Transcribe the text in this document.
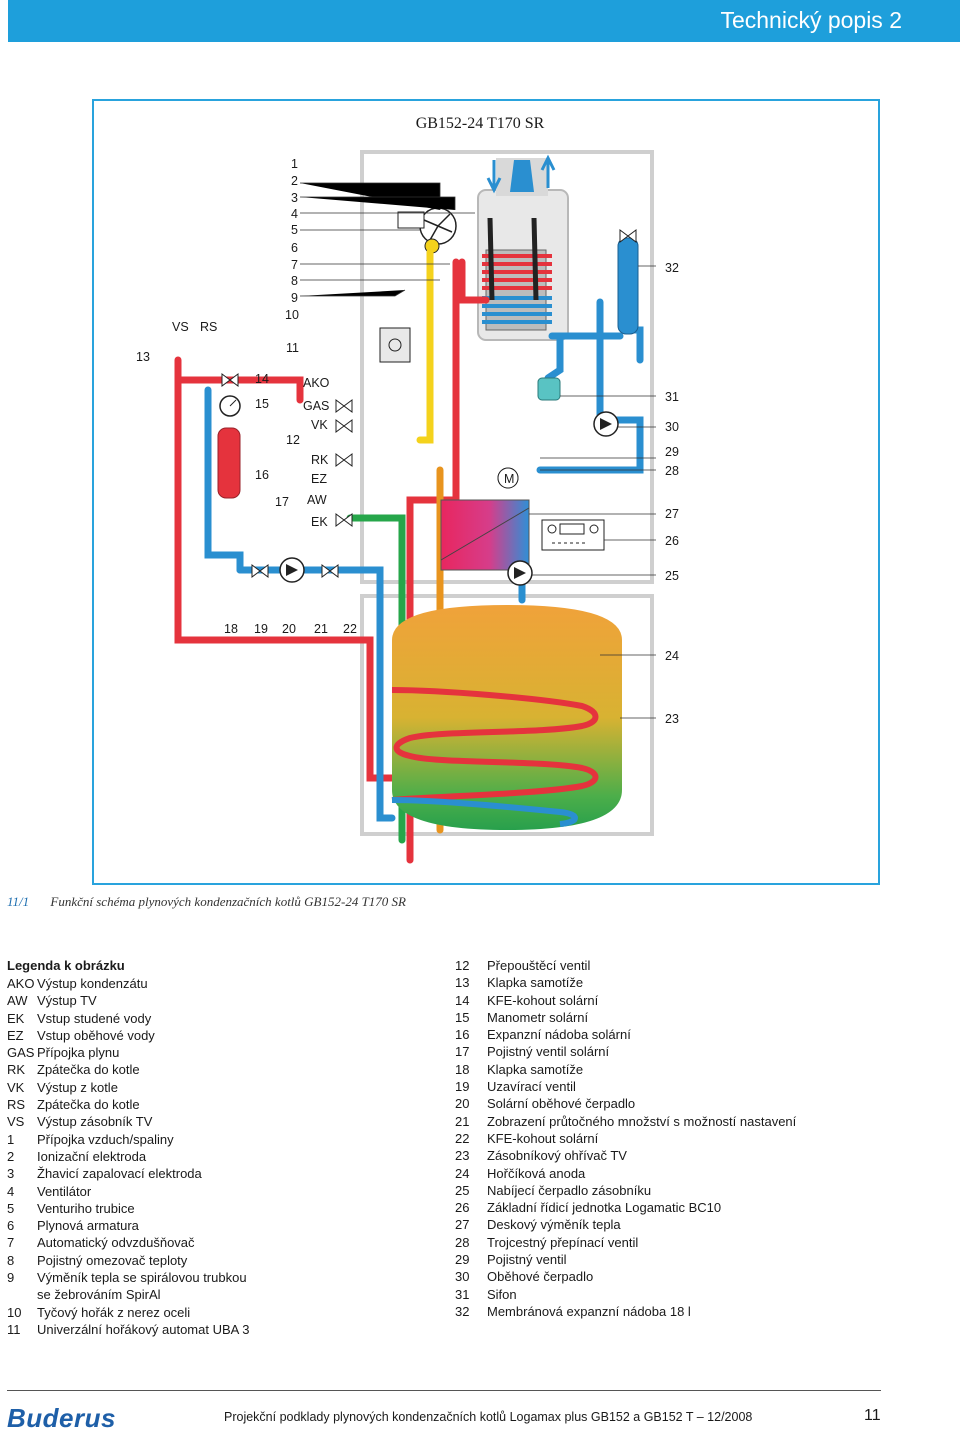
Technický popis 2
GB152-24 T170 SR
1
2
3
4
5
6
7
8
9
10
11
12
13
14
15
16
17
18 19 20 21 22
23
24
25
26
27
28
29
30
31
32
VS RS
AKO
GAS
VK
RK
EZ
AW
EK
M
11/1 Funkční schéma plynových kondenzačních kotlů GB152-24 T170 SR
Legenda k obrázku
AKO Výstup kondenzátu
AW Výstup TV
EK Vstup studené vody
EZ	Vstup oběhové vody
GAS Přípojka plynu
RK Zpátečka do kotle
VK Výstup z kotle
RS Zpátečka do kotle
VS Výstup zásobník TV
1	Přípojka vzduch/spaliny
2	Ionizační elektroda
3	Žhavicí zapalovací elektroda
4	Ventilátor
5	Venturiho trubice
6	Plynová armatura
7	Automatický odvzdušňovač
8	Pojistný omezovač teploty
9	Výměník tepla se spirálovou trubkou
se žebrováním SpirAl
10	Tyčový hořák z nerez oceli
11	Univerzální hořákový automat UBA 3
12	Přepouštěcí ventil
13	Klapka samotíže
14	KFE-kohout solární
15	Manometr solární
16	Expanzní nádoba solární
17	Pojistný ventil solární
18	Klapka samotíže
19	Uzavírací ventil
20	Solární oběhové čerpadlo
21	Zobrazení průtočného množství s možností nastavení
22	KFE-kohout solární
23	Zásobníkový ohřívač TV
24	Hořčíková anoda
25	Nabíjecí čerpadlo zásobníku
26	Základní řídicí jednotka Logamatic BC10
27	Deskový výměník tepla
28	Trojcestný přepínací ventil
29	Pojistný ventil
30	Oběhové čerpadlo
31	Sifon
32	Membránová expanzní nádoba 18 l
Buderus	Projekční podklady plynových kondenzačních kotlů Logamax plus GB152 a GB152 T – 12/2008	11
